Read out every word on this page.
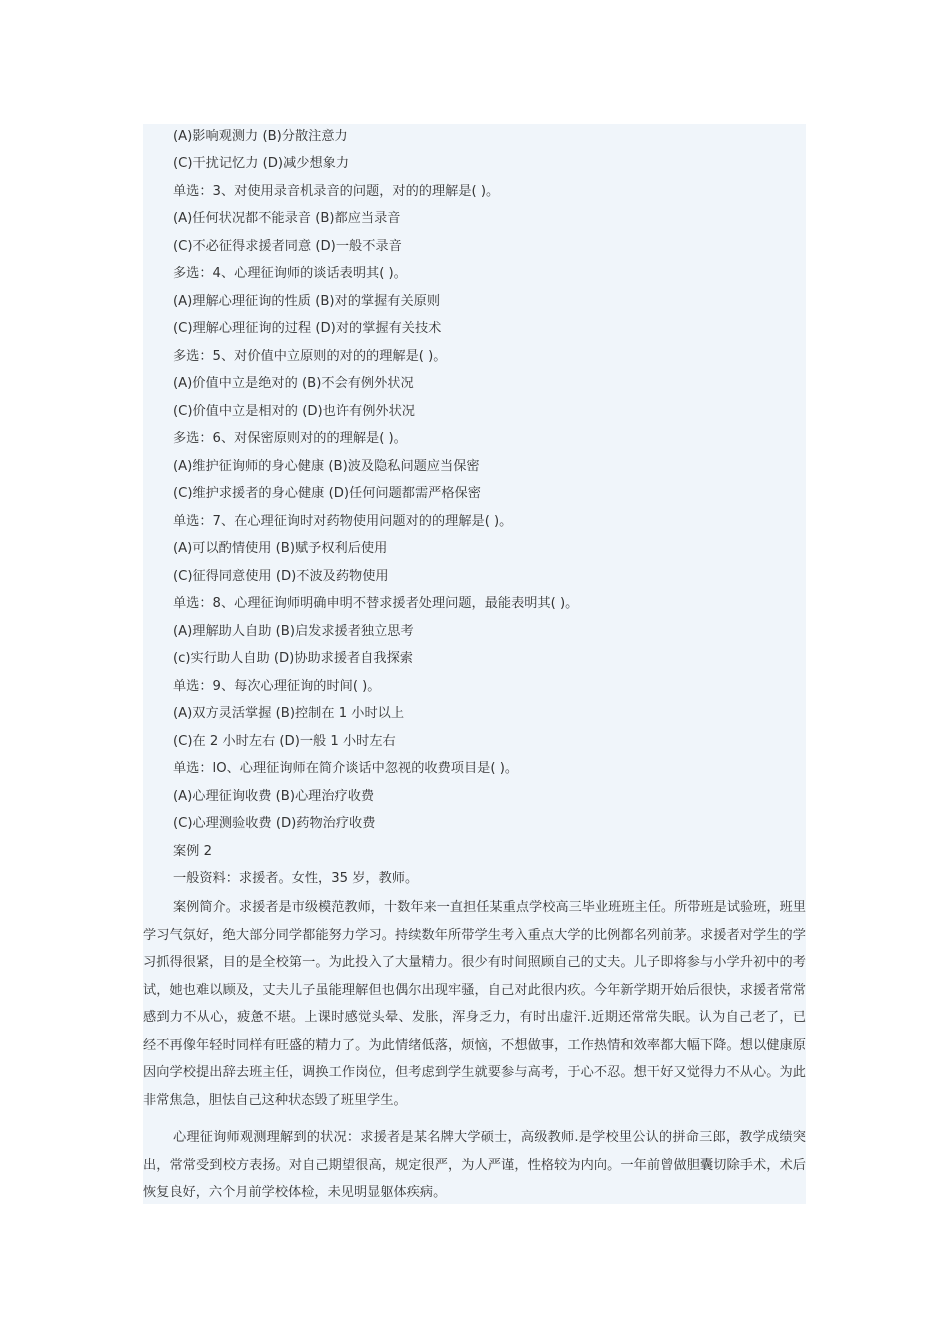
(A)影响观测力 (B)分散注意力
(C)干扰记忆力 (D)减少想象力
单选：3、对使用录音机录音的问题，对的的理解是( )。
(A)任何状况都不能录音 (B)都应当录音
(C)不必征得求援者同意 (D)一般不录音
多选：4、心理征询师的谈话表明其( )。
(A)理解心理征询的性质 (B)对的掌握有关原则
(C)理解心理征询的过程 (D)对的掌握有关技术
多选：5、对价值中立原则的对的的理解是( )。
(A)价值中立是绝对的 (B)不会有例外状况
(C)价值中立是相对的 (D)也许有例外状况
多选：6、对保密原则对的的理解是( )。
(A)维护征询师的身心健康 (B)波及隐私问题应当保密
(C)维护求援者的身心健康 (D)任何问题都需严格保密
单选：7、在心理征询时对药物使用问题对的的理解是( )。
(A)可以酌情使用 (B)赋予权利后使用
(C)征得同意使用 (D)不波及药物使用
单选：8、心理征询师明确申明不替求援者处理问题，最能表明其( )。
(A)理解助人自助 (B)启发求援者独立思考
(c)实行助人自助 (D)协助求援者自我探索
单选：9、每次心理征询的时间( )。
(A)双方灵活掌握 (B)控制在 1 小时以上
(C)在 2 小时左右 (D)一般 1 小时左右
单选：lO、心理征询师在简介谈话中忽视的收费项目是( )。
(A)心理征询收费 (B)心理治疗收费
(C)心理测验收费 (D)药物治疗收费
案例 2
一般资料：求援者。女性，35 岁，教师。
案例简介。求援者是市级模范教师，十数年来一直担任某重点学校高三毕业班班主任。所带班是试验班，班里学习气氛好，绝大部分同学都能努力学习。持续数年所带学生考入重点大学的比例都名列前茅。求援者对学生的学习抓得很紧，目的是全校第一。为此投入了大量精力。很少有时间照顾自己的丈夫。儿子即将参与小学升初中的考试，她也难以顾及，丈夫儿子虽能理解但也偶尔出现牢骚，自己对此很内疚。今年新学期开始后很快，求援者常常感到力不从心，疲惫不堪。上课时感觉头晕、发胀，浑身乏力，有时出虚汗.近期还常常失眠。认为自己老了，已经不再像年轻时同样有旺盛的精力了。为此情绪低落，烦恼，不想做事，工作热情和效率都大幅下降。想以健康原因向学校提出辞去班主任，调换工作岗位，但考虑到学生就要参与高考，于心不忍。想干好又觉得力不从心。为此非常焦急，胆怯自己这种状态毁了班里学生。
心理征询师观测理解到的状况：求援者是某名牌大学硕士，高级教师.是学校里公认的拼命三郎，教学成绩突出，常常受到校方表扬。对自己期望很高，规定很严，为人严谨，性格较为内向。一年前曾做胆囊切除手术，术后恢复良好，六个月前学校体检，未见明显躯体疾病。
